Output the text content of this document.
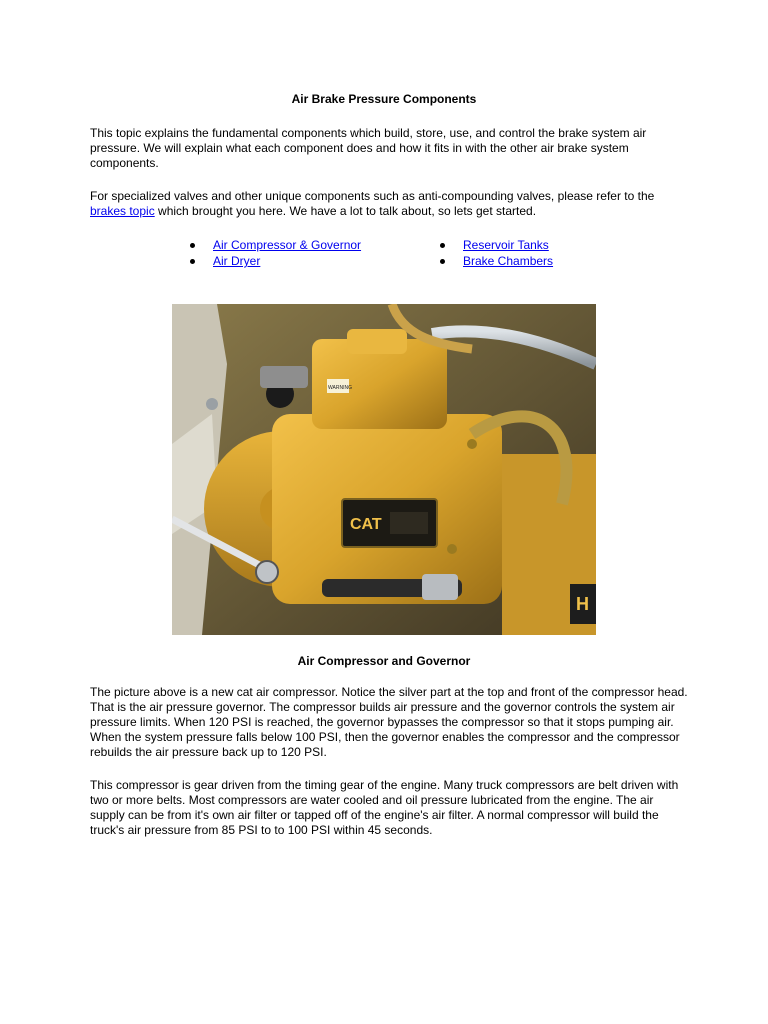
Air Brake Pressure Components

This topic explains the fundamental components which build, store, use, and control the brake system air pressure. We will explain what each component does and how it fits in with the other air brake system components.

For specialized valves and other unique components such as anti-compounding valves, please refer to the brakes topic which brought you here. We have a lot to talk about, so lets get started.

Air Compressor & Governor
Air Dryer
Reservoir Tanks
Brake Chambers
H
WARNING
CAT
Air Compressor and Governor

The picture above is a new cat air compressor. Notice the silver part at the top and front of the compressor head. That is the air pressure governor. The compressor builds air pressure and the governor controls the system air pressure limits. When 120 PSI is reached, the governor bypasses the compressor so that it stops pumping air. When the system pressure falls below 100 PSI, then the governor enables the compressor and the compressor rebuilds the air pressure back up to 120 PSI.

This compressor is gear driven from the timing gear of the engine. Many truck compressors are belt driven with two or more belts. Most compressors are water cooled and oil pressure lubricated from the engine. The air supply can be from it's own air filter or tapped off of the engine's air filter. A normal compressor will build the truck's air pressure from 85 PSI to to 100 PSI within 45 seconds.
